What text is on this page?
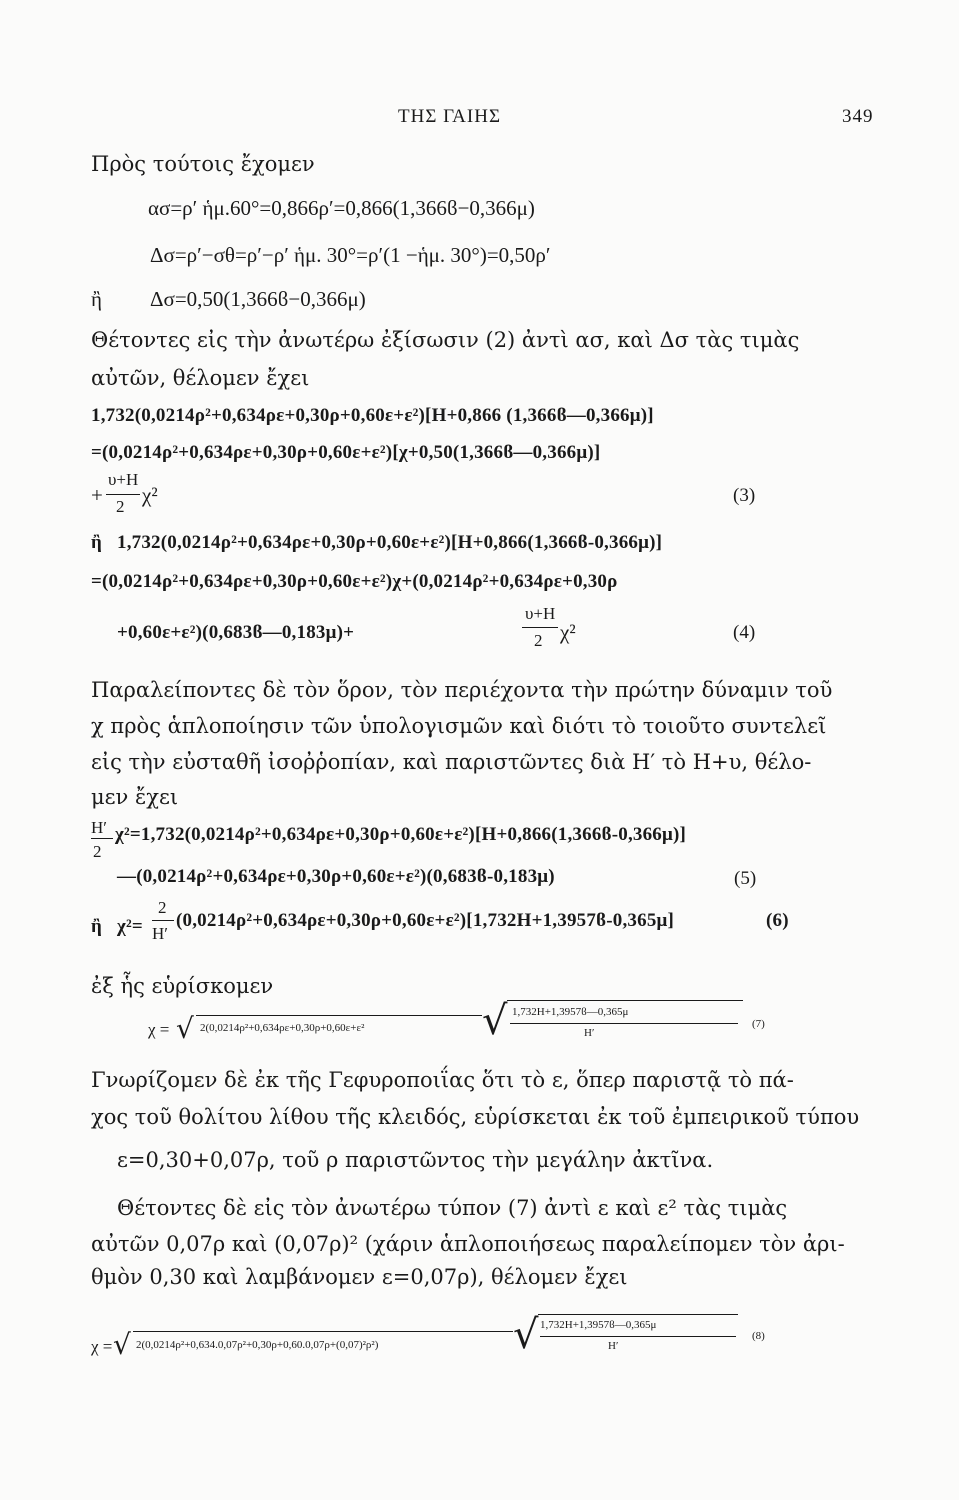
ΤΗΣ ΓΑΙΗΣ	349
Πρὸς τούτοις ἔχομεν
ασ=ρ′ ἡμ.60°=0,866ρ′=0,866(1,366ϐ−0,366μ)
Δσ=ρ′−σθ=ρ′−ρ′ ἡμ. 30°=ρ′(1 −ἡμ. 30°)=0,50ρ′
ἢ Δσ=0,50(1,366ϐ−0,366μ)
Θέτοντες εἰς τὴν ἀνωτέρω ἐξίσωσιν (2) ἀντὶ ασ, καὶ Δσ τὰς τιμὰς
αὐτῶν, θέλομεν ἔχει
1,732(0,0214ρ²+0,634ρε+0,30ρ+0,60ε+ε²)[H+0,866 (1,366ϐ—0,366μ)]
=(0,0214ρ²+0,634ρε+0,30ρ+0,60ε+ε²)[χ+0,50(1,366ϐ—0,366μ)]
+
υ+Η
2 χ²	(3)
ἢ 1,732(0,0214ρ²+0,634ρε+0,30ρ+0,60ε+ε²)[H+0,866(1,366ϐ-0,366μ)]
=(0,0214ρ²+0,634ρε+0,30ρ+0,60ε+ε²)χ+(0,0214ρ²+0,634ρε+0,30ρ
+0,60ε+ε²)(0,683ϐ—0,183μ)+
υ+Η
2 χ²	(4)
Παραλείποντες δὲ τὸν ὅρον, τὸν περιέχοντα τὴν πρώτην δύναμιν τοῦ
χ πρὸς ἁπλοποίησιν τῶν ὑπολογισμῶν καὶ διότι τὸ τοιοῦτο συντελεῖ
εἰς τὴν εὐσταθῆ ἰσοῤῥοπίαν, καὶ παριστῶντες διὰ H′ τὸ H+υ, θέλο-
μεν ἔχει
H′
2
χ²=1,732(0,0214ρ²+0,634ρε+0,30ρ+0,60ε+ε²)[H+0,866(1,366ϐ-0,366μ)]
—(0,0214ρ²+0,634ρε+0,30ρ+0,60ε+ε²)(0,683ϐ-0,183μ)	(5)
ἢ χ²=
2
H′
(0,0214ρ²+0,634ρε+0,30ρ+0,60ε+ε²)[1,732H+1,3957ϐ-0,365μ]	(6)
ἐξ ἧς εὑρίσκομεν
χ = √ 2(0,0214ρ²+0,634ρε+0,30ρ+0,60ε+ε²	√ 1,732H+1,3957ϐ—0,365μ
H′
(7)
Γνωρίζομεν δὲ ἐκ τῆς Γεφυροποιΐας ὅτι τὸ ε, ὅπερ παριστᾷ τὸ πά-
χος τοῦ θολίτου λίθου τῆς κλειδός, εὑρίσκεται ἐκ τοῦ ἐμπειρικοῦ τύπου
ε=0,30+0,07ρ, τοῦ ρ παριστῶντος τὴν μεγάλην ἀκτῖνα.
Θέτοντες δὲ εἰς τὸν ἀνωτέρω τύπον (7) ἀντὶ ε καὶ ε² τὰς τιμὰς
αὐτῶν 0,07ρ καὶ (0,07ρ)² (χάριν ἁπλοποιήσεως παραλείπομεν τὸν ἀρι-
θμὸν 0,30 καὶ λαμβάνομεν ε=0,07ρ), θέλομεν ἔχει
χ = √ 2(0,0214ρ²+0,634.0,07ρ²+0,30ρ+0,60.0,07ρ+(0,07)²ρ²)	√ 1,732H+1,3957ϐ—0,365μ
H′
(8)
